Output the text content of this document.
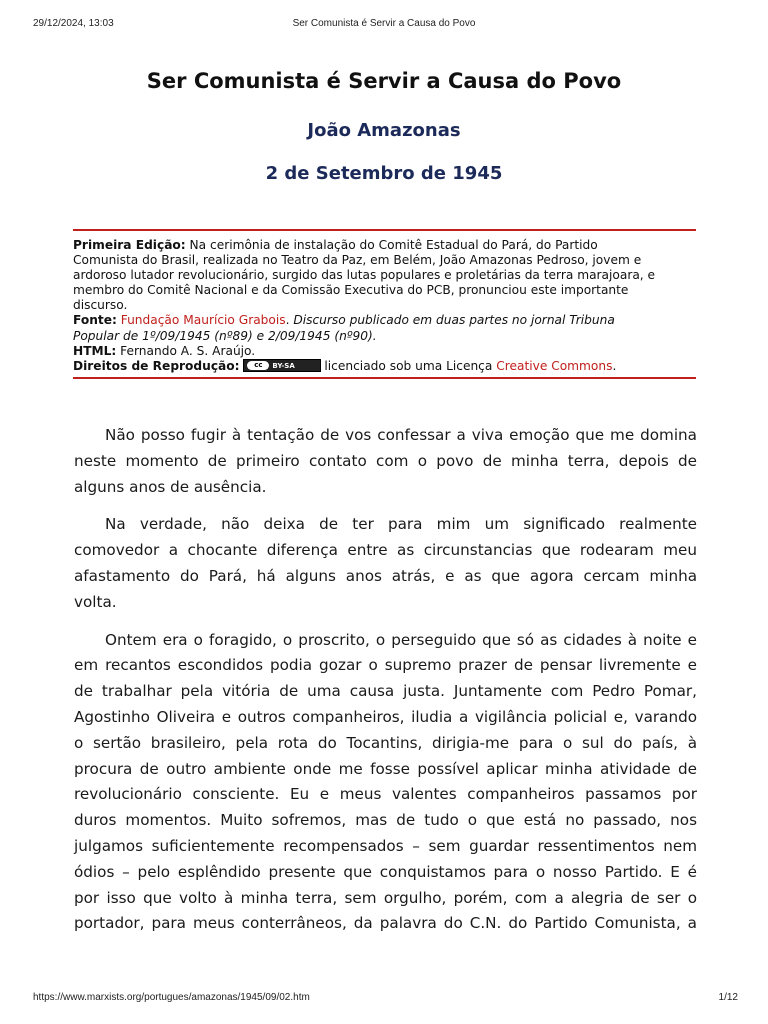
29/12/2024, 13:03	Ser Comunista é Servir a Causa do Povo
Ser Comunista é Servir a Causa do Povo
João Amazonas
2 de Setembro de 1945
Primeira Edição: Na cerimônia de instalação do Comitê Estadual do Pará, do Partido
Comunista do Brasil, realizada no Teatro da Paz, em Belém, João Amazonas Pedroso, jovem e
ardoroso lutador revolucionário, surgido das lutas populares e proletárias da terra marajoara, e
membro do Comitê Nacional e da Comissão Executiva do PCB, pronunciou este importante
discurso.
Fonte: Fundação Maurício Grabois. Discurso publicado em duas partes no jornal Tribuna
Popular de 1º/09/1945 (nº89) e 2/09/1945 (nº90).
HTML: Fernando A. S. Araújo.
Direitos de Reprodução:	cc	BY-SA licenciado sob uma Licença Creative Commons.

Não posso fugir à tentação de vos confessar a viva emoção que me domina
neste momento de primeiro contato com o povo de minha terra, depois de
alguns anos de ausência.

Na verdade, não deixa de ter para mim um significado realmente
comovedor a chocante diferença entre as circunstancias que rodearam meu
afastamento do Pará, há alguns anos atrás, e as que agora cercam minha
volta.

Ontem era o foragido, o proscrito, o perseguido que só as cidades à noite e
em recantos escondidos podia gozar o supremo prazer de pensar livremente e
de trabalhar pela vitória de uma causa justa. Juntamente com Pedro Pomar,
Agostinho Oliveira e outros companheiros, iludia a vigilância policial e, varando
o sertão brasileiro, pela rota do Tocantins, dirigia-me para o sul do país, à
procura de outro ambiente onde me fosse possível aplicar minha atividade de
revolucionário consciente. Eu e meus valentes companheiros passamos por
duros momentos. Muito sofremos, mas de tudo o que está no passado, nos
julgamos suficientemente recompensados – sem guardar ressentimentos nem
ódios – pelo esplêndido presente que conquistamos para o nosso Partido. E é
por isso que volto à minha terra, sem orgulho, porém, com a alegria de ser o
portador, para meus conterrâneos, da palavra do C.N. do Partido Comunista, a

https://www.marxists.org/portugues/amazonas/1945/09/02.htm	1/12
